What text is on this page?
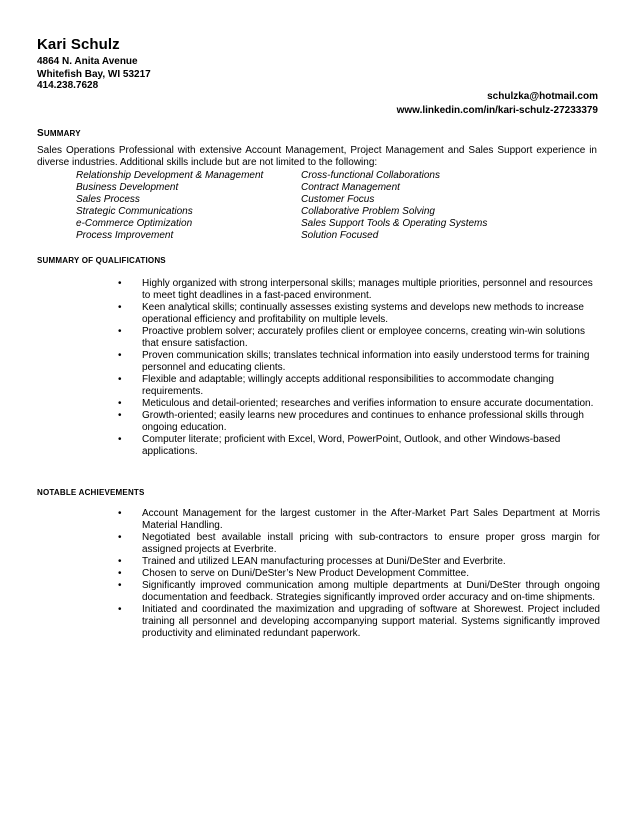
Kari Schulz
4864 N. Anita Avenue
Whitefish Bay, WI 53217
414.238.7628
schulzka@hotmail.com
www.linkedin.com/in/kari-schulz-27233379
SUMMARY
Sales Operations Professional with extensive Account Management, Project Management and Sales Support experience in diverse industries. Additional skills include but are not limited to the following:
Relationship Development & Management	Cross-functional Collaborations
Business Development	Contract Management
Sales Process	Customer Focus
Strategic Communications	Collaborative Problem Solving
e-Commerce Optimization	Sales Support Tools & Operating Systems
Process Improvement	Solution Focused
SUMMARY OF QUALIFICATIONS
• Highly organized with strong interpersonal skills; manages multiple priorities, personnel and resources to meet tight deadlines in a fast-paced environment.
• Keen analytical skills; continually assesses existing systems and develops new methods to increase operational efficiency and profitability on multiple levels.
• Proactive problem solver; accurately profiles client or employee concerns, creating win-win solutions that ensure satisfaction.
• Proven communication skills; translates technical information into easily understood terms for training personnel and educating clients.
• Flexible and adaptable; willingly accepts additional responsibilities to accommodate changing requirements.
• Meticulous and detail-oriented; researches and verifies information to ensure accurate documentation.
• Growth-oriented; easily learns new procedures and continues to enhance professional skills through ongoing education.
• Computer literate; proficient with Excel, Word, PowerPoint, Outlook, and other Windows-based applications.
NOTABLE ACHIEVEMENTS
• Account Management for the largest customer in the After-Market Part Sales Department at Morris Material Handling.
• Negotiated best available install pricing with sub-contractors to ensure proper gross margin for assigned projects at Everbrite.
• Trained and utilized LEAN manufacturing processes at Duni/DeSter and Everbrite.
• Chosen to serve on Duni/DeSter’s New Product Development Committee.
• Significantly improved communication among multiple departments at Duni/DeSter through ongoing documentation and feedback. Strategies significantly improved order accuracy and on-time shipments.
• Initiated and coordinated the maximization and upgrading of software at Shorewest. Project included training all personnel and developing accompanying support material. Systems significantly improved productivity and eliminated redundant paperwork.
